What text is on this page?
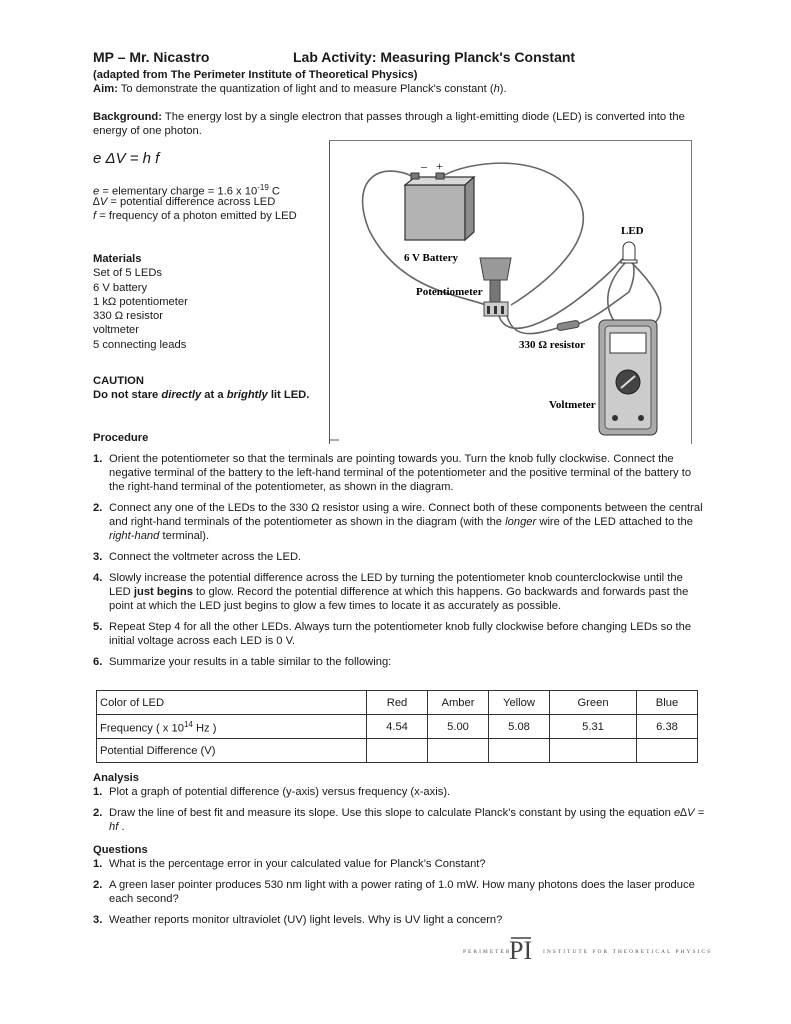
MP – Mr. Nicastro	Lab Activity: Measuring Planck's Constant
(adapted from The Perimeter Institute of Theoretical Physics)
Aim: To demonstrate the quantization of light and to measure Planck's constant (h).
Background: The energy lost by a single electron that passes through a light-emitting diode (LED) is converted into the energy of one photon.
e ΔV = h f
e = elementary charge = 1.6 x $10^{-19}$ C
∆V = potential difference across LED
f = frequency of a photon emitted by LED
Materials
Set of 5 LEDs
6 V battery
1 kΩ potentiometer
330 Ω resistor
voltmeter
5 connecting leads
CAUTION
Do not stare directly at a brightly lit LED.
– +
6 V Battery
Potentiometer
330 Ω resistor
LED
Voltmeter
Procedure
1. Orient the potentiometer so that the terminals are pointing towards you. Turn the knob fully clockwise. Connect the negative terminal of the battery to the left-hand terminal of the potentiometer and the positive terminal of the battery to the right-hand terminal of the potentiometer, as shown in the diagram.
2. Connect any one of the LEDs to the 330 Ω resistor using a wire. Connect both of these components between the central and right-hand terminals of the potentiometer as shown in the diagram (with the longer wire of the LED attached to the right-hand terminal).
3. Connect the voltmeter across the LED.
4. Slowly increase the potential difference across the LED by turning the potentiometer knob counterclockwise until the LED just begins to glow. Record the potential difference at which this happens. Go backwards and forwards past the point at which the LED just begins to glow a few times to locate it as accurately as possible.
5. Repeat Step 4 for all the other LEDs. Always turn the potentiometer knob fully clockwise before changing LEDs so the initial voltage across each LED is 0 V.
6. Summarize your results in a table similar to the following:
Color of LED	Red	Amber	Yellow	Green	Blue
Frequency ( x $10^{14}$ Hz )	4.54	5.00	5.08	5.31	6.38
Potential Difference (V)					
Analysis
1. Plot a graph of potential difference (y-axis) versus frequency (x-axis).
2. Draw the line of best fit and measure its slope. Use this slope to calculate Planck's constant by using the equation e∆V = hf .
Questions
1. What is the percentage error in your calculated value for Planck’s Constant?
2. A green laser pointer produces 530 nm light with a power rating of 1.0 mW. How many photons does the laser produce each second?
3. Weather reports monitor ultraviolet (UV) light levels. Why is UV light a concern?
PERIMETER
PI INSTITUTE FOR THEORETICAL PHYSICS
